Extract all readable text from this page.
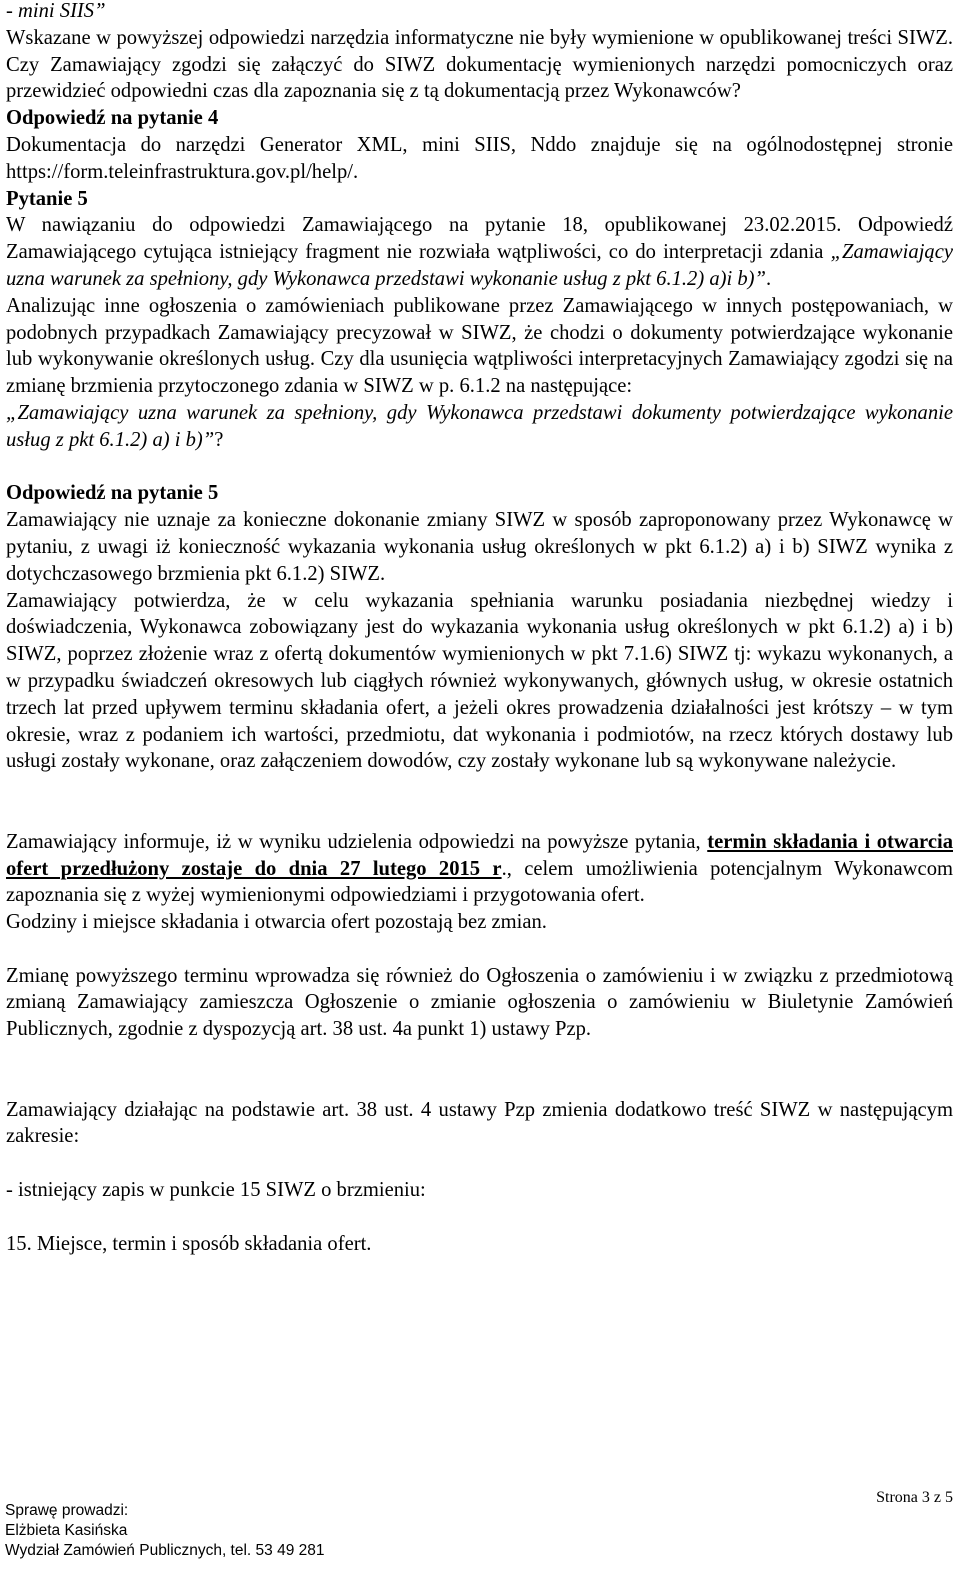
- mini SIIS”

Wskazane w powyższej odpowiedzi narzędzia informatyczne nie były wymienione w opublikowanej treści SIWZ. Czy Zamawiający zgodzi się załączyć do SIWZ dokumentację wymienionych narzędzi pomocniczych oraz przewidzieć odpowiedni czas dla zapoznania się z tą dokumentacją przez Wykonawców?

Odpowiedź na pytanie 4

Dokumentacja do narzędzi Generator XML, mini SIIS, Nddo znajduje się na ogólnodostępnej stronie https://form.teleinfrastruktura.gov.pl/help/.

Pytanie 5

W nawiązaniu do odpowiedzi Zamawiającego na pytanie 18, opublikowanej 23.02.2015. Odpowiedź Zamawiającego cytująca istniejący fragment nie rozwiała wątpliwości, co do interpretacji zdania „Zamawiający uzna warunek za spełniony, gdy Wykonawca przedstawi wykonanie usług z pkt 6.1.2) a)i b)”.

Analizując inne ogłoszenia o zamówieniach publikowane przez Zamawiającego w innych postępowaniach, w podobnych przypadkach Zamawiający precyzował w SIWZ, że chodzi o dokumenty potwierdzające wykonanie lub wykonywanie określonych usług. Czy dla usunięcia wątpliwości interpretacyjnych Zamawiający zgodzi się na zmianę brzmienia przytoczonego zdania w SIWZ w p. 6.1.2 na następujące:

„Zamawiający uzna warunek za spełniony, gdy Wykonawca przedstawi dokumenty potwierdzające wykonanie usług z pkt 6.1.2) a) i b)”?

Odpowiedź na pytanie 5

Zamawiający nie uznaje za konieczne dokonanie zmiany SIWZ w sposób zaproponowany przez Wykonawcę w pytaniu, z uwagi iż konieczność wykazania wykonania usług określonych w pkt 6.1.2) a) i b) SIWZ wynika z dotychczasowego brzmienia pkt 6.1.2) SIWZ.

Zamawiający potwierdza, że w celu wykazania spełniania warunku posiadania niezbędnej wiedzy i doświadczenia, Wykonawca zobowiązany jest do wykazania wykonania usług określonych w pkt 6.1.2) a) i b) SIWZ, poprzez złożenie wraz z ofertą dokumentów wymienionych w pkt 7.1.6) SIWZ tj: wykazu wykonanych, a w przypadku świadczeń okresowych lub ciągłych również wykonywanych, głównych usług, w okresie ostatnich trzech lat przed upływem terminu składania ofert, a jeżeli okres prowadzenia działalności jest krótszy – w tym okresie, wraz z podaniem ich wartości, przedmiotu, dat wykonania i podmiotów, na rzecz których dostawy lub usługi zostały wykonane, oraz załączeniem dowodów, czy zostały wykonane lub są wykonywane należycie.

Zamawiający informuje, iż w wyniku udzielenia odpowiedzi na powyższe pytania, termin składania i otwarcia ofert przedłużony zostaje do dnia 27 lutego 2015 r., celem umożliwienia potencjalnym Wykonawcom zapoznania się z wyżej wymienionymi odpowiedziami i przygotowania ofert.

Godziny i miejsce składania i otwarcia ofert pozostają bez zmian.

Zmianę powyższego terminu wprowadza się również do Ogłoszenia o zamówieniu i w związku z przedmiotową zmianą Zamawiający zamieszcza Ogłoszenie o zmianie ogłoszenia o zamówieniu w Biuletynie Zamówień Publicznych, zgodnie z dyspozycją art. 38 ust. 4a punkt 1) ustawy Pzp.

Zamawiający działając na podstawie art. 38 ust. 4 ustawy Pzp zmienia dodatkowo treść SIWZ w następującym zakresie:

- istniejący zapis w punkcie 15 SIWZ o brzmieniu:

15. Miejsce, termin i sposób składania ofert.

Strona 3 z 5
Sprawę prowadzi:
Elżbieta Kasińska
Wydział Zamówień Publicznych, tel. 53 49 281
